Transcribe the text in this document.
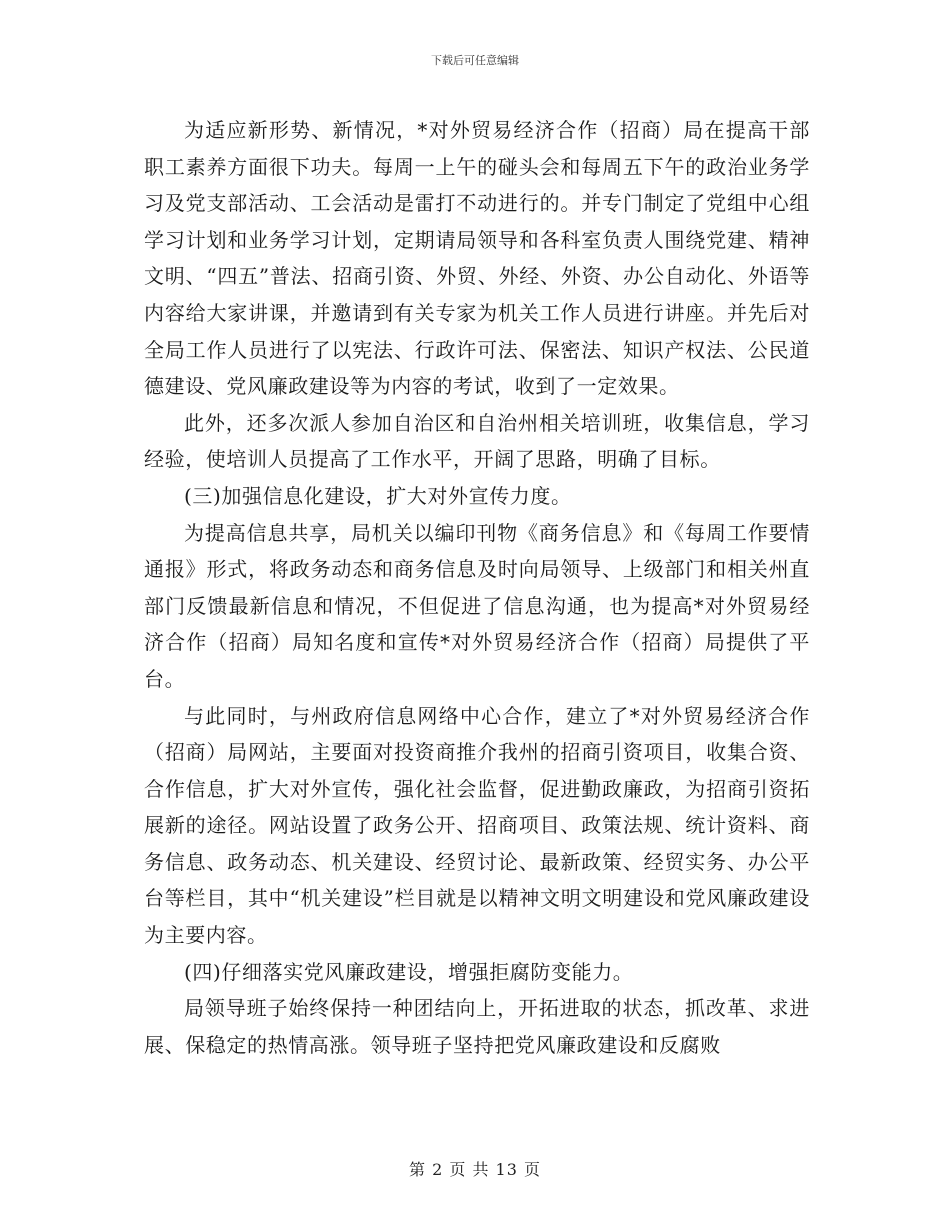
下载后可任意编辑

为适应新形势、新情况，*对外贸易经济合作（招商）局在提高干部职工素养方面很下功夫。每周一上午的碰头会和每周五下午的政治业务学习及党支部活动、工会活动是雷打不动进行的。并专门制定了党组中心组学习计划和业务学习计划，定期请局领导和各科室负责人围绕党建、精神文明、“四五”普法、招商引资、外贸、外经、外资、办公自动化、外语等内容给大家讲课，并邀请到有关专家为机关工作人员进行讲座。并先后对全局工作人员进行了以宪法、行政许可法、保密法、知识产权法、公民道德建设、党风廉政建设等为内容的考试，收到了一定效果。

此外，还多次派人参加自治区和自治州相关培训班，收集信息，学习经验，使培训人员提高了工作水平，开阔了思路，明确了目标。

(三)加强信息化建设，扩大对外宣传力度。

为提高信息共享，局机关以编印刊物《商务信息》和《每周工作要情通报》形式，将政务动态和商务信息及时向局领导、上级部门和相关州直部门反馈最新信息和情况，不但促进了信息沟通，也为提高*对外贸易经济合作（招商）局知名度和宣传*对外贸易经济合作（招商）局提供了平台。

与此同时，与州政府信息网络中心合作，建立了*对外贸易经济合作（招商）局网站，主要面对投资商推介我州的招商引资项目，收集合资、合作信息，扩大对外宣传，强化社会监督，促进勤政廉政，为招商引资拓展新的途径。网站设置了政务公开、招商项目、政策法规、统计资料、商务信息、政务动态、机关建设、经贸讨论、最新政策、经贸实务、办公平台等栏目，其中“机关建设”栏目就是以精神文明文明建设和党风廉政建设为主要内容。

(四)仔细落实党风廉政建设，增强拒腐防变能力。

局领导班子始终保持一种团结向上，开拓进取的状态，抓改革、求进展、保稳定的热情高涨。领导班子坚持把党风廉政建设和反腐败

第 2 页 共 13 页
